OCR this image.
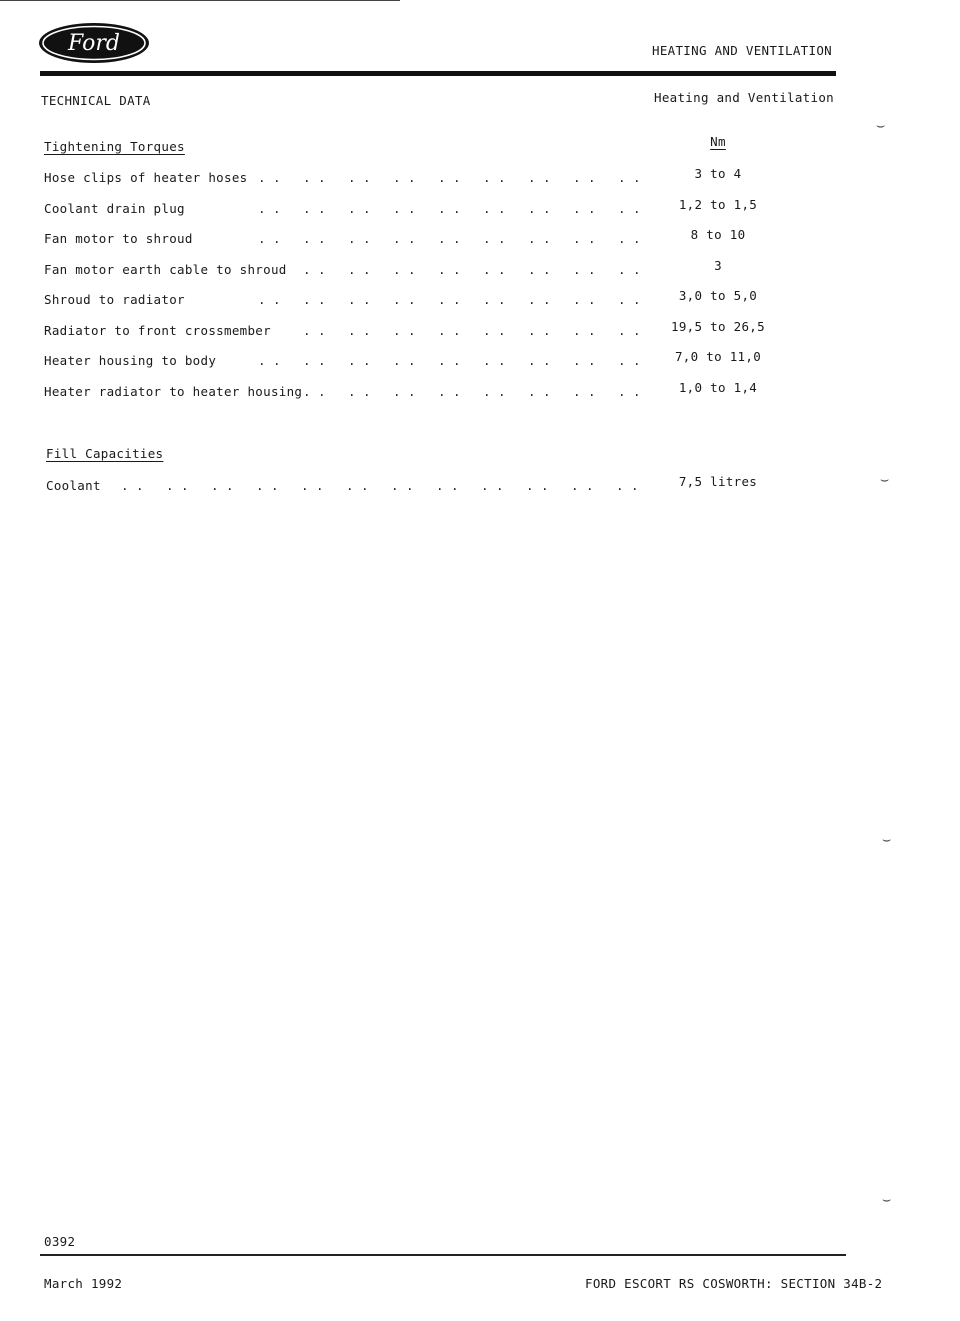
Ford	HEATING AND VENTILATION
TECHNICAL DATA	Heating and Ventilation
Tightening Torques	Nm
Hose clips of heater hoses . . . . . . . . . . . . . . . . . .	3 to 4
Coolant drain plug	. . . . . . . . . . . . . . . . . .	1,2 to 1,5
Fan motor to shroud	. . . . . . . . . . . . . . . . . .	8 to 10
Fan motor earth cable to shroud . . . . . . . . . . . . . . . .	3
Shroud to radiator	. . . . . . . . . . . . . . . . . .	3,0 to 5,0
Radiator to front crossmember	. . . . . . . . . . . . . . . .	19,5 to 26,5
Heater housing to body	. . . . . . . . . . . . . . . . . .	7,0 to 11,0
Heater radiator to heater housing . . . . . . . . . . . . . . . .	1,0 to 1,4
Fill Capacities
Coolant . . . . . . . . . . . . . . . . . . . . . . . .	7,5 litres
⌣
⌣
⌣
⌣
0392
March 1992	FORD ESCORT RS COSWORTH: SECTION 34B-2
